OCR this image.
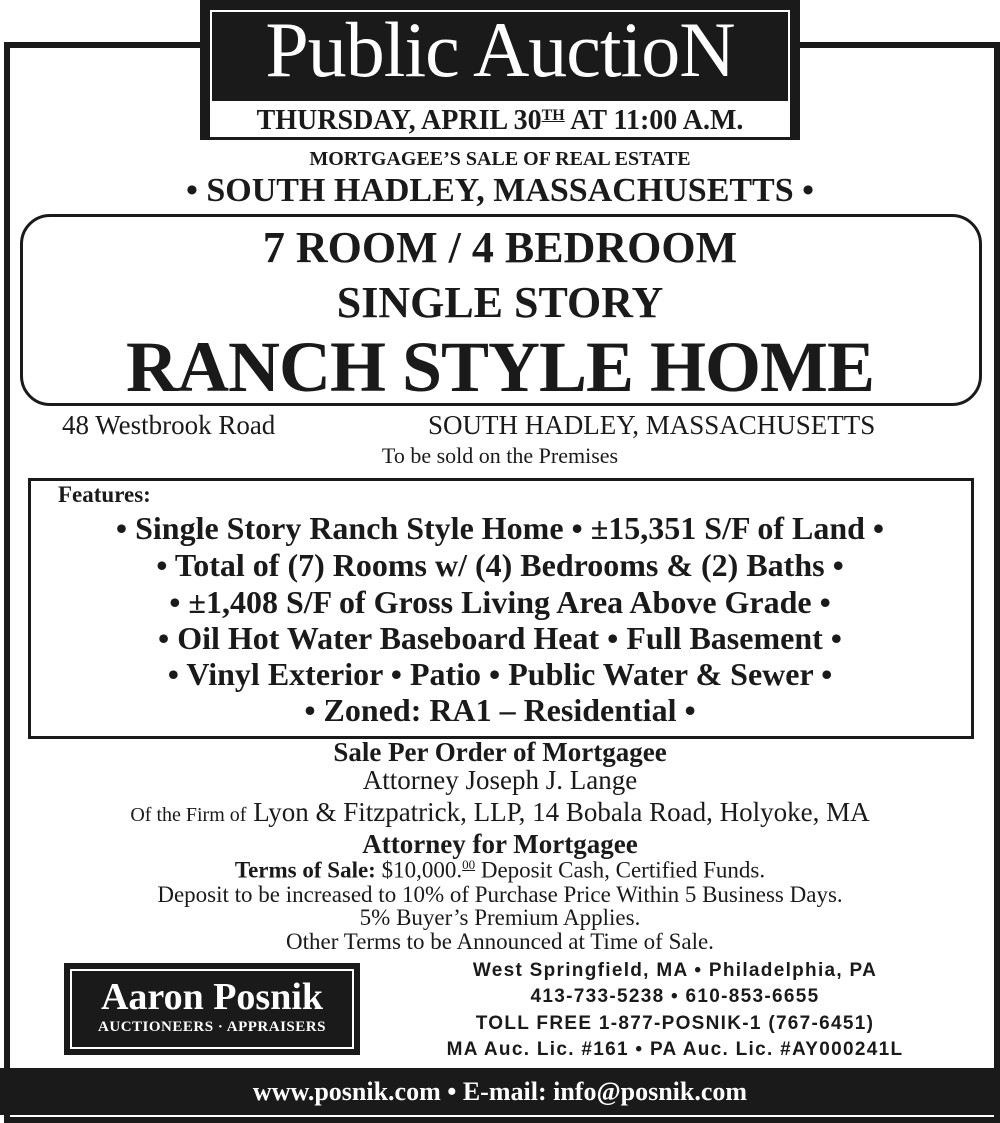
Public AuctioN
THURSDAY, APRIL 30TH AT 11:00 A.M.
MORTGAGEE’S SALE OF REAL ESTATE
• SOUTH HADLEY, MASSACHUSETTS •
7 ROOM / 4 BEDROOM
SINGLE STORY
RANCH STYLE HOME
48 Westbrook Road	SOUTH HADLEY, MASSACHUSETTS
To be sold on the Premises
Features:
• Single Story Ranch Style Home • ±15,351 S/F of Land •
• Total of (7) Rooms w/ (4) Bedrooms & (2) Baths •
• ±1,408 S/F of Gross Living Area Above Grade •
• Oil Hot Water Baseboard Heat • Full Basement •
• Vinyl Exterior • Patio • Public Water & Sewer •
• Zoned: RA1 – Residential •
Sale Per Order of Mortgagee
Attorney Joseph J. Lange
Of the Firm of Lyon & Fitzpatrick, LLP, 14 Bobala Road, Holyoke, MA
Attorney for Mortgagee
Terms of Sale: $10,000.00 Deposit Cash, Certified Funds.
Deposit to be increased to 10% of Purchase Price Within 5 Business Days.
5% Buyer’s Premium Applies.
Other Terms to be Announced at Time of Sale.
Aaron Posnik
AUCTIONEERS · APPRAISERS
West Springfield, MA • Philadelphia, PA
413-733-5238 • 610-853-6655
TOLL FREE 1-877-POSNIK-1 (767-6451)
MA Auc. Lic. #161 • PA Auc. Lic. #AY000241L
www.posnik.com • E-mail: info@posnik.com
